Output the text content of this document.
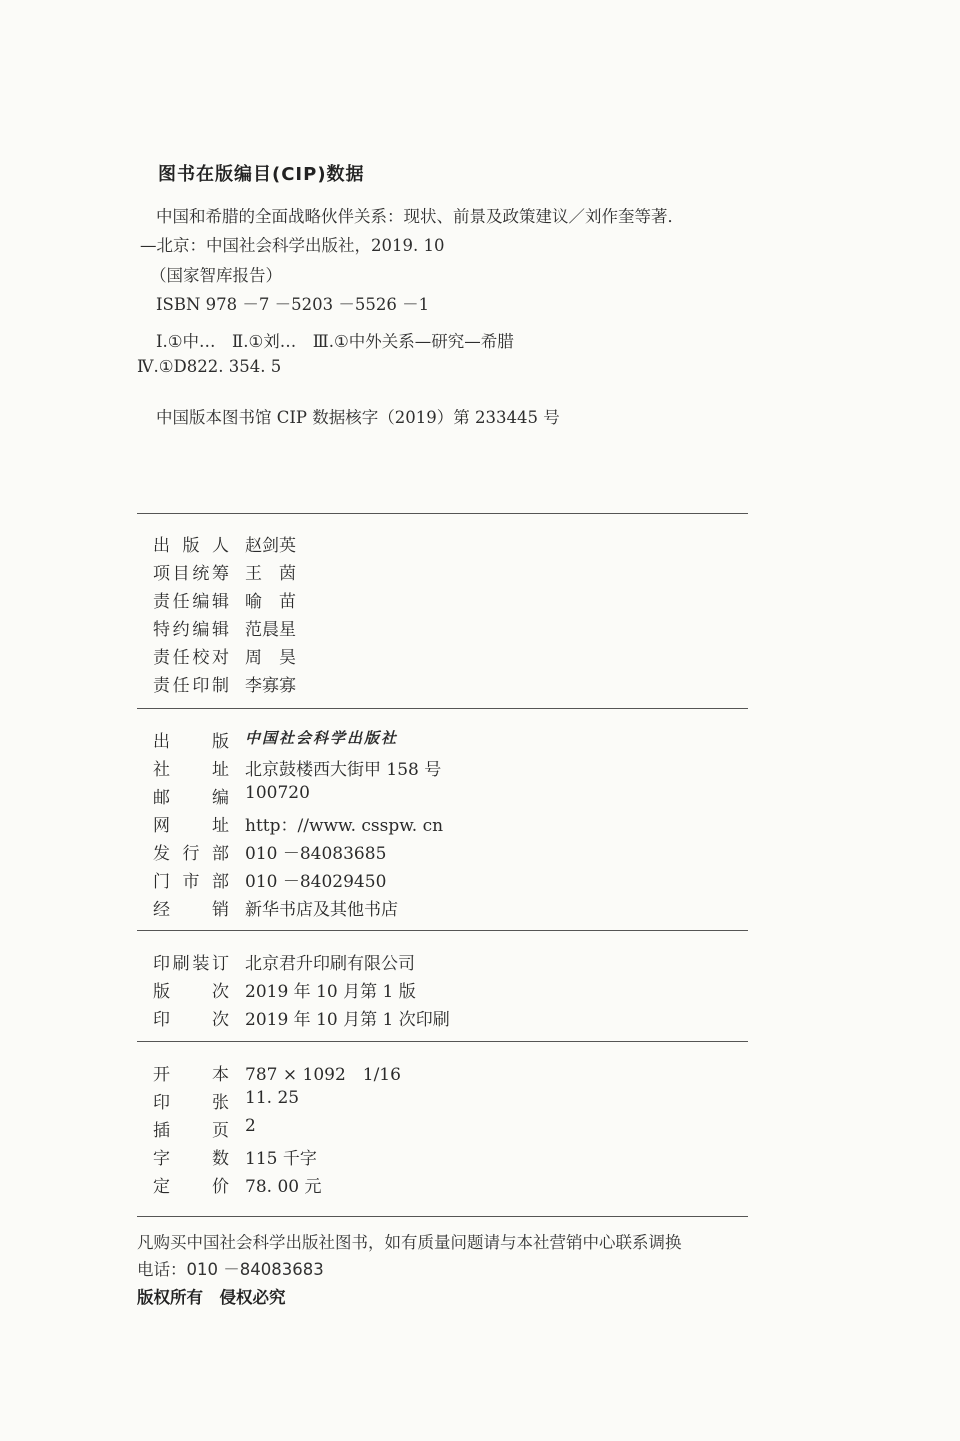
图书在版编目(CIP)数据
中国和希腊的全面战略伙伴关系：现状、前景及政策建议／刘作奎等著．
—北京：中国社会科学出版社，2019. 10
（国家智库报告）
ISBN 978 －7 －5203 －5526 －1
Ⅰ.①中…　Ⅱ.①刘…　Ⅲ.①中外关系—研究—希腊
Ⅳ.①D822. 354. 5
中国版本图书馆 CIP 数据核字（2019）第 233445 号
出 版 人 赵剑英
项目统筹 王　茵
责任编辑 喻　苗
特约编辑 范晨星
责任校对 周　昊
责任印制 李寡寡
出　版 中国社会科学出版社
社　址 北京鼓楼西大街甲 158 号
邮　编 100720
网　址 http：//www. csspw. cn
发 行 部 010 －84083685
门 市 部 010 －84029450
经　销 新华书店及其他书店
印刷装订 北京君升印刷有限公司
版　次 2019 年 10 月第 1 版
印　次 2019 年 10 月第 1 次印刷
开　本 787 × 1092　1/16
印　张 11. 25
插　页 2
字　数 115 千字
定　价 78. 00 元
凡购买中国社会科学出版社图书，如有质量问题请与本社营销中心联系调换
电话：010 －84083683
版权所有　侵权必究
